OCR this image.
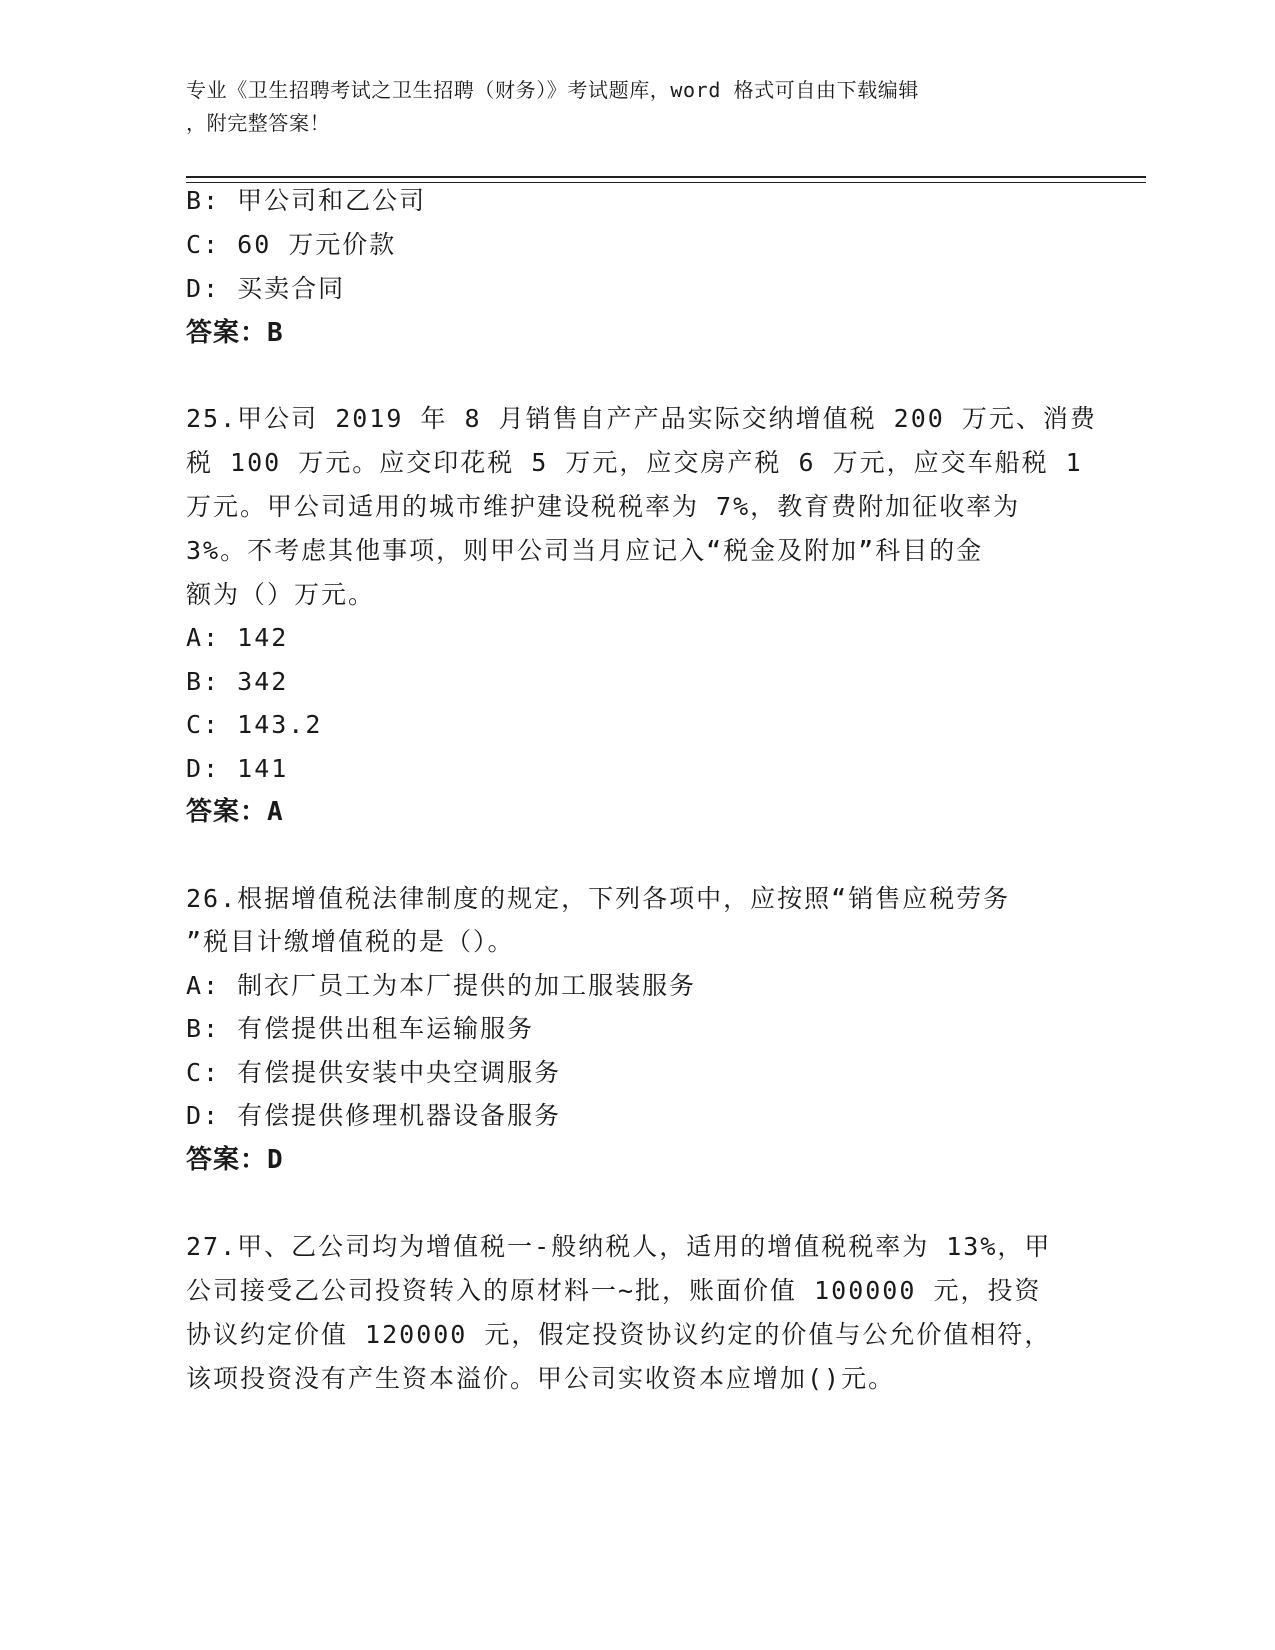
专业《卫生招聘考试之卫生招聘（财务）》考试题库，word 格式可自由下载编辑
，附完整答案！
B: 甲公司和乙公司
C: 60 万元价款
D: 买卖合同
答案：B
25.甲公司 2019 年 8 月销售自产产品实际交纳增值税 200 万元、消费
税 100 万元。应交印花税 5 万元，应交房产税 6 万元，应交车船税 1
万元。甲公司适用的城市维护建设税税率为 7%，教育费附加征收率为
3%。不考虑其他事项，则甲公司当月应记入“税金及附加”科目的金
额为（）万元。
A: 142
B: 342
C: 143.2
D: 141
答案：A
26.根据增值税法律制度的规定，下列各项中，应按照“销售应税劳务
”税目计缴增值税的是（）。
A: 制衣厂员工为本厂提供的加工服装服务
B: 有偿提供出租车运输服务
C: 有偿提供安装中央空调服务
D: 有偿提供修理机器设备服务
答案：D
27.甲、乙公司均为增值税一-般纳税人，适用的增值税税率为 13%，甲
公司接受乙公司投资转入的原材料一~批，账面价值 100000 元，投资
协议约定价值 120000 元，假定投资协议约定的价值与公允价值相符，
该项投资没有产生资本溢价。甲公司实收资本应增加()元。
